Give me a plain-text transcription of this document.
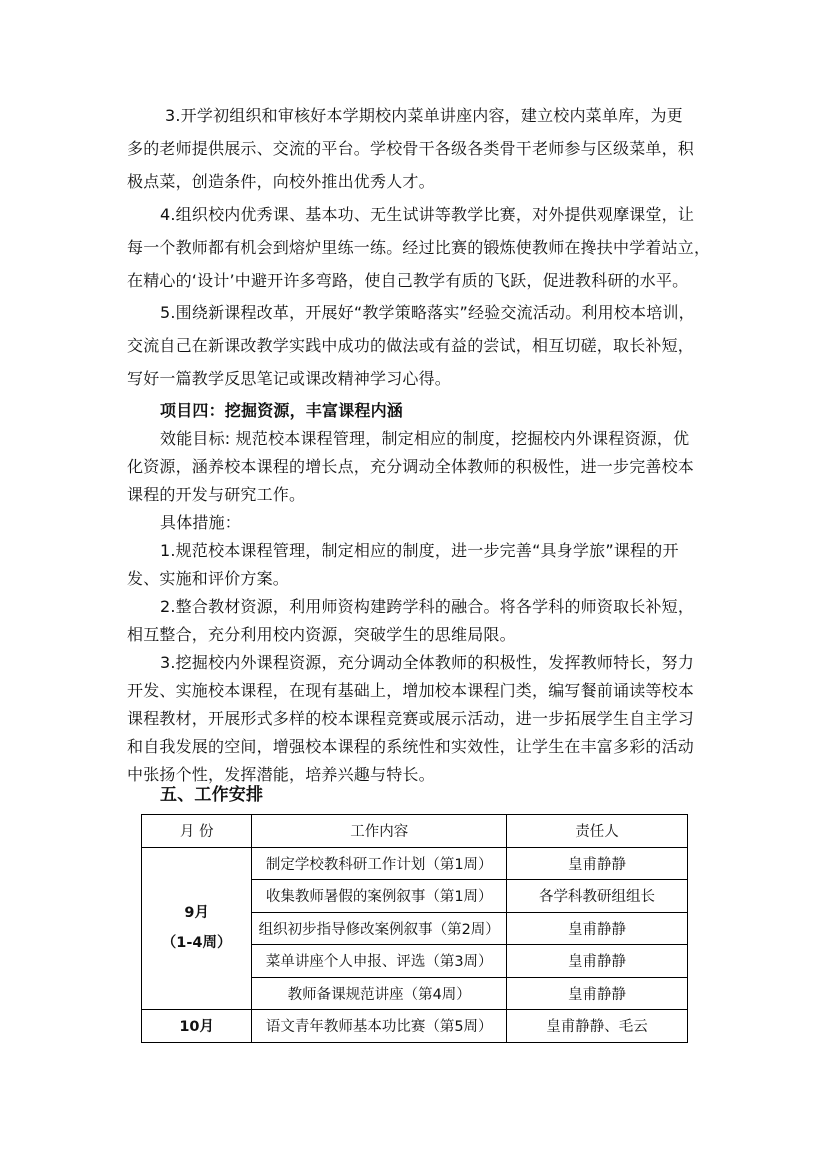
3.开学初组织和审核好本学期校内菜单讲座内容，建立校内菜单库，为更
多的老师提供展示、交流的平台。学校骨干各级各类骨干老师参与区级菜单，积
极点菜，创造条件，向校外推出优秀人才。
4.组织校内优秀课、基本功、无生试讲等教学比赛，对外提供观摩课堂，让
每一个教师都有机会到熔炉里练一练。经过比赛的锻炼使教师在搀扶中学着站立，
在精心的‘设计’中避开许多弯路，使自己教学有质的飞跃，促进教科研的水平。
5.围绕新课程改革，开展好“教学策略落实”经验交流活动。利用校本培训，
交流自己在新课改教学实践中成功的做法或有益的尝试，相互切磋，取长补短，
写好一篇教学反思笔记或课改精神学习心得。
项目四：挖掘资源，丰富课程内涵
效能目标: 规范校本课程管理，制定相应的制度，挖掘校内外课程资源，优
化资源，涵养校本课程的增长点，充分调动全体教师的积极性，进一步完善校本
课程的开发与研究工作。
具体措施：
1.规范校本课程管理，制定相应的制度，进一步完善“具身学旅”课程的开
发、实施和评价方案。
2.整合教材资源，利用师资构建跨学科的融合。将各学科的师资取长补短，
相互整合，充分利用校内资源，突破学生的思维局限。
3.挖掘校内外课程资源，充分调动全体教师的积极性，发挥教师特长，努力
开发、实施校本课程，在现有基础上，增加校本课程门类，编写餐前诵读等校本
课程教材，开展形式多样的校本课程竞赛或展示活动，进一步拓展学生自主学习
和自我发展的空间，增强校本课程的系统性和实效性，让学生在丰富多彩的活动
中张扬个性，发挥潜能，培养兴趣与特长。
五、工作安排
月 份	工作内容	责任人

9月
（1-4周）	制定学校教科研工作计划（第1周）	皇甫静静
	收集教师暑假的案例叙事（第1周）	各学科教研组组长
	组织初步指导修改案例叙事（第2周）	皇甫静静
	菜单讲座个人申报、评选（第3周）	皇甫静静
	教师备课规范讲座（第4周）	皇甫静静
10月	语文青年教师基本功比赛（第5周）	皇甫静静、毛云
